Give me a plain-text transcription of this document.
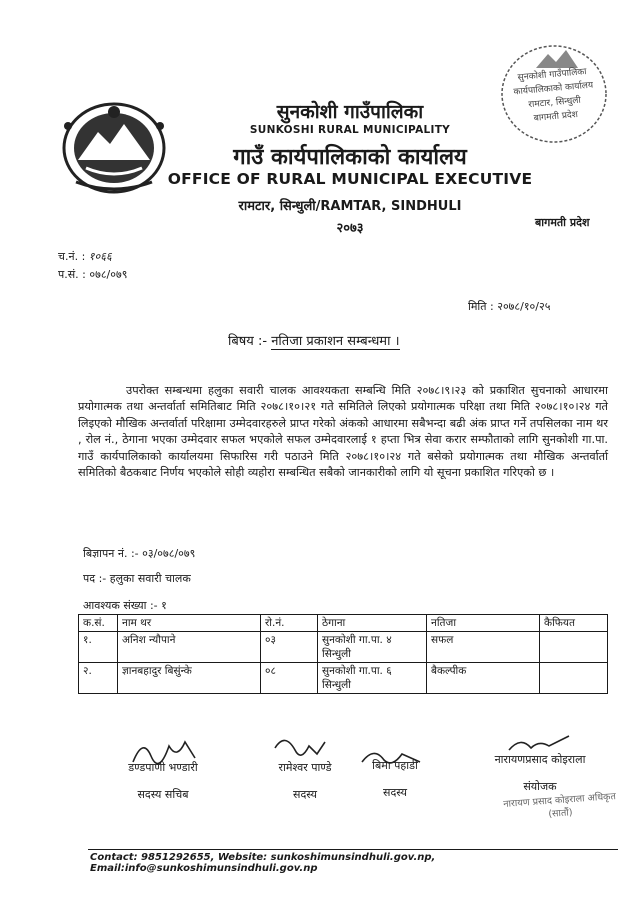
सुनकोशी गाउँपालिका
कार्यपालिकाको कार्यालय
रामटार, सिन्धुली
बागमती प्रदेश
सुनकोशी गाउँपालिका
SUNKOSHI RURAL MUNICIPALITY
गाउँ कार्यपालिकाको कार्यालय
OFFICE OF RURAL MUNICIPAL EXECUTIVE
रामटार, सिन्धुली/RAMTAR, SINDHULI
२०७३	बागमती प्रदेश
च.नं. : १०६६
प.सं. : ०७८/०७९
मिति : २०७८/१०/२५
बिषय :- नतिजा प्रकाशन सम्बन्धमा ।
उपरोक्त सम्बन्धमा हलुका सवारी चालक आवश्यकता सम्बन्धि मिति २०७८।९।२३ को प्रकाशित सुचनाको आधारमा प्रयोगात्मक तथा अन्तर्वार्ता समितिबाट मिति २०७८।१०।२१ गते समितिले लिएको प्रयोगात्मक परिक्षा तथा मिति २०७८।१०।२४ गते लिइएको मौखिक अन्तर्वार्ता परिक्षामा उम्मेदवारहरुले प्राप्त गरेको अंकको आधारमा सबैभन्दा बढी अंक प्राप्त गर्ने तपसिलका नाम थर , रोल नं., ठेगाना भएका उम्मेदवार सफल भएकोले सफल उम्मेदवारलाई १ हप्ता भित्र सेवा करार सम्फौताको लागि सुनकोशी गा.पा. गाउँ कार्यपालिकाको कार्यालयमा सिफारिस गरी पठाउने मिति २०७८।१०।२४ गते बसेको प्रयोगात्मक तथा मौखिक अन्तर्वार्ता समितिको बैठकबाट निर्णय भएकोले सोही व्यहोरा सम्बन्धित सबैको जानकारीको लागि यो सूचना प्रकाशित गरिएको छ ।
बिज्ञापन नं. :- ०३/०७८/०७९
पद :- हलुका सवारी चालक
आवश्यक संख्या :- १
क.सं.	नाम थर	रो.नं.	ठेगाना	नतिजा	कैफियत
१.	अनिश न्यौपाने	०३	सुनकोशी गा.पा. ४
सिन्धुली	सफल	
२.	ज्ञानबहादुर बिसुंन्के	०८	सुनकोशी गा.पा. ६
सिन्धुली	बैकल्पीक	
डण्डपाणी भण्डारी
सदस्य सचिब
रामेश्वर पाण्डे
सदस्य
बिमा पहाडी
सदस्य
नारायणप्रसाद कोइराला
संयोजक
नारायण प्रसाद कोइराला अधिकृत (सातौं)
Contact: 9851292655, Website: sunkoshimunsindhuli.gov.np, Email:info@sunkoshimunsindhuli.gov.np
